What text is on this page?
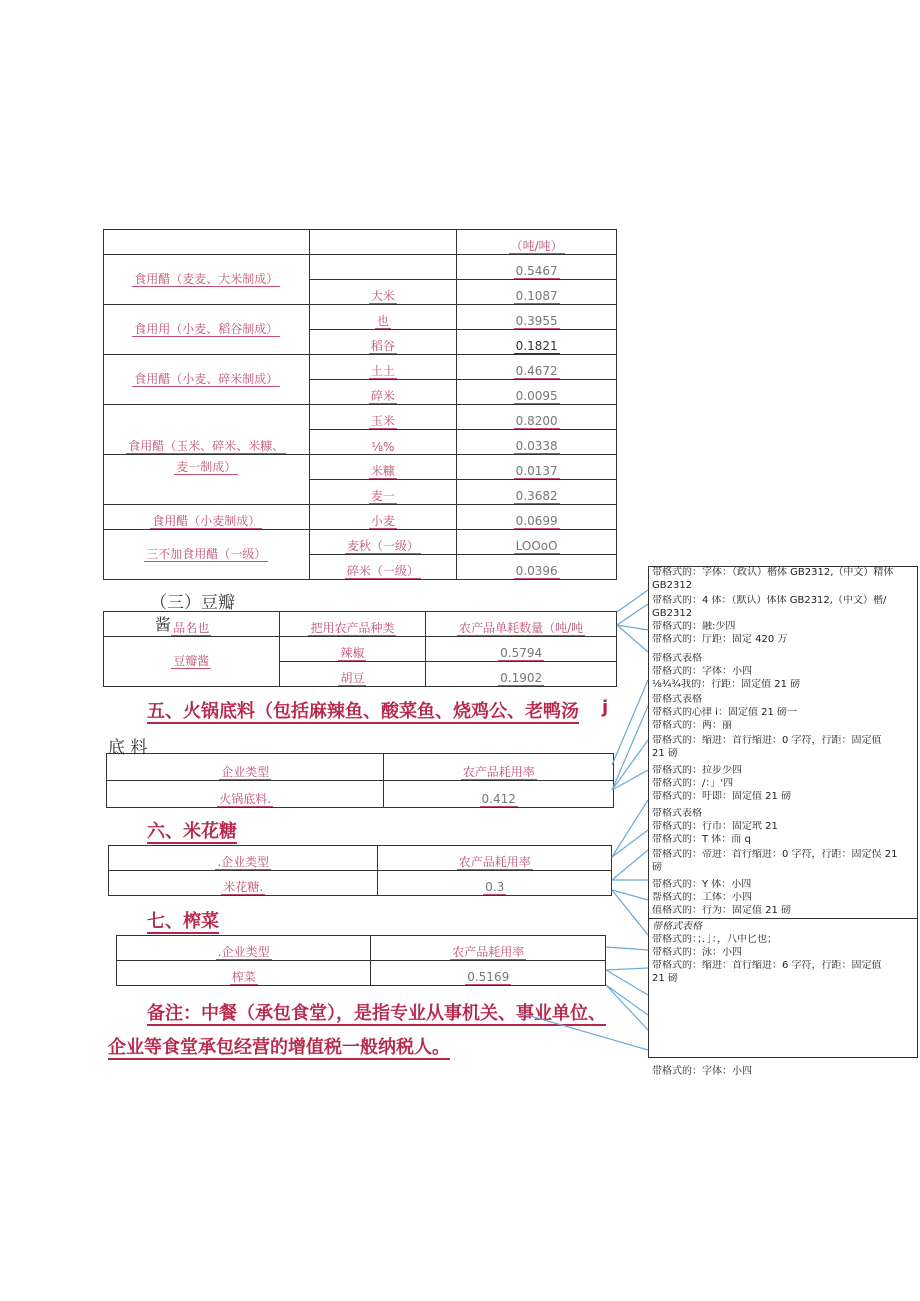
		（吨/吨）
食用醋（麦麦、大米制成）		0.5467
	大米	0.1087
食用用（小麦、稻谷制成）	也	0.3955
	稻谷	0.1821
食用醋（小麦、碎米制成）	土土	0.4672
	碎米	0.0095
食用醋（玉米、碎米、米糠、	玉米	0.8200
	⅛%	0.0338
麦一制成）	米糠	0.0137
	麦一	0.3682
食用醋（小麦制成）	小麦	0.0699
三不加食用醋（一级）	麦秋（一级）	LOOoO
	碎米（一级）	0.0396
（三）豆瓣
酱 品名也	把用农产品种类	农产品单耗数量（吨/吨
豆瓣酱	辣椒	0.5794
	胡豆	0.1902
五、火锅底料（包括麻辣鱼、酸菜鱼、烧鸡公、老鸭汤 j
底 料
企业类型	农产品耗用率
火锅底料.	0.412
六、米花糖
.企业类型	农产品耗用率
米花糖.	0.3
七、榨菜
.企业类型	农产品耗用率
榨菜	0.5169
备注：中餐（承包食堂），是指专业从事机关、事业单位、
企业等食堂承包经营的增值税一般纳税人。
带格式的：字体：（政认）楷体 GB2312,（中文）精体
GB2312
带格式的：4 体：（默认）体体 GB2312,（中文）楷/
GB2312
带格式的：融:少四
带格式的：厅距：固定 420 万
带格式表格
带格式的：字体：小四
⅛¾¾我的：行距：固定值 21 磅
带格式表格
带格式的心律 i：固定值 21 磅一
带格式的：两：丽
带格式的：缩进：首行缩进：0 字符，行距：固定值
21 磅
带格式的：拉步少四
带格式的：/：」'四
带格式的：吁即：固定值 21 磅
带格式表格
带格式的：行币：固定玳 21
带格式的：T 体：而 q
带格式的：帝进：首行缩进：0 字符，行距：固定俣 21
磅
带格式的：Y 体：小四
帮格式的：工体：小四
值格式的：行为：固定值 21 磅
带格式表格
带格式的：；．］：，八中匕也；
带格式的：泳：小四
带格式的：缩进：首行缩进：6 字符，行距：固定值
21 磅
带格式的：字体：小四
